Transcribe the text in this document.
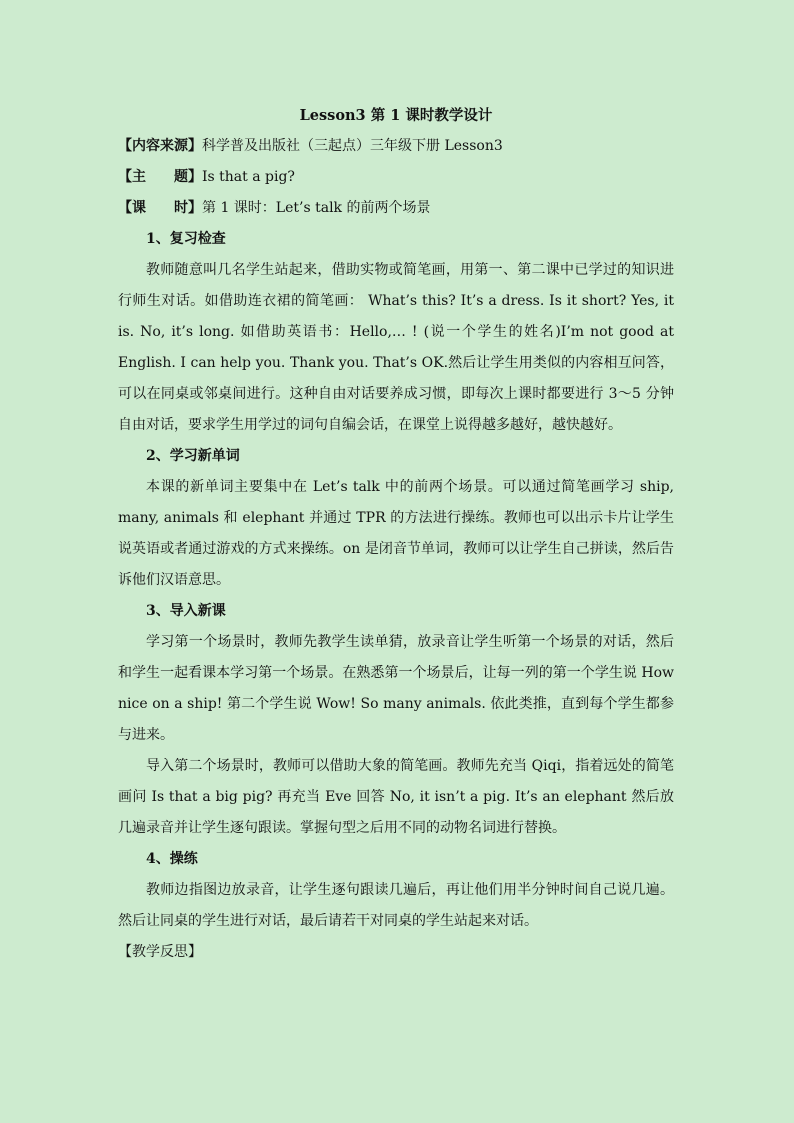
Lesson3 第 1 课时教学设计

【内容来源】科学普及出版社（三起点）三年级下册 Lesson3

【主　　题】Is that a pig?

【课　　时】第 1 课时：Let’s talk 的前两个场景

1、复习检查

教师随意叫几名学生站起来，借助实物或简笔画，用第一、第二课中已学过的知识进行师生对话。如借助连衣裙的简笔画： What’s this? It’s a dress. Is it short? Yes, it is. No, it’s long. 如借助英语书：Hello,… ! (说一个学生的姓名)I’m not good at English. I can help you. Thank you. That’s OK.然后让学生用类似的内容相互问答，可以在同桌或邻桌间进行。这种自由对话要养成习惯，即每次上课时都要进行 3～5 分钟自由对话，要求学生用学过的词句自编会话，在课堂上说得越多越好，越快越好。

2、学习新单词

本课的新单词主要集中在 Let’s talk 中的前两个场景。可以通过简笔画学习 ship, many, animals 和 elephant 并通过 TPR 的方法进行操练。教师也可以出示卡片让学生说英语或者通过游戏的方式来操练。on 是闭音节单词，教师可以让学生自己拼读，然后告诉他们汉语意思。

3、导入新课

学习第一个场景时，教师先教学生读单猜，放录音让学生听第一个场景的对话，然后和学生一起看课本学习第一个场景。在熟悉第一个场景后，让每一列的第一个学生说 How nice on a ship! 第二个学生说 Wow! So many animals. 依此类推，直到每个学生都参与进来。

导入第二个场景时，教师可以借助大象的简笔画。教师先充当 Qiqi，指着远处的简笔画问 Is that a big pig? 再充当 Eve 回答 No, it isn’t a pig. It’s an elephant 然后放几遍录音并让学生逐句跟读。掌握句型之后用不同的动物名词进行替换。

4、操练

教师边指图边放录音，让学生逐句跟读几遍后，再让他们用半分钟时间自己说几遍。然后让同桌的学生进行对话，最后请若干对同桌的学生站起来对话。

【教学反思】
